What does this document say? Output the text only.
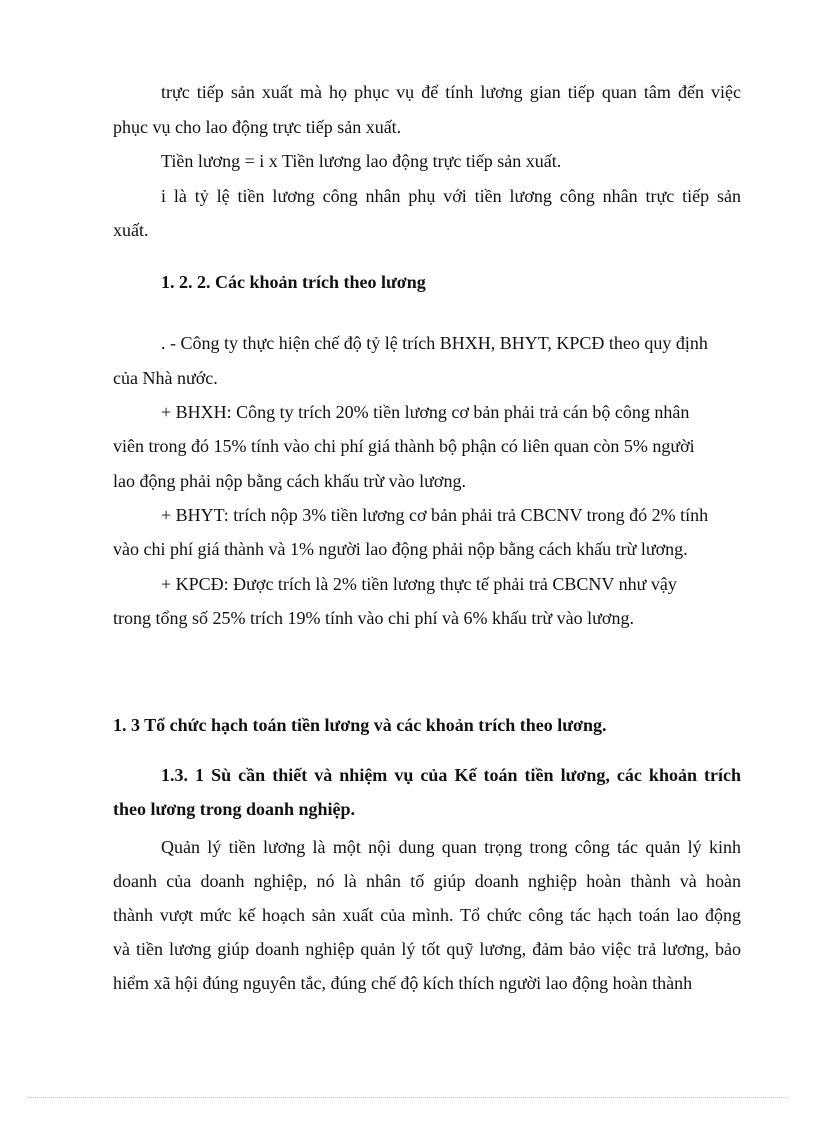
trực tiếp sản xuất mà họ phục vụ để tính lương gian tiếp quan tâm đến việc
phục vụ cho lao động trực tiếp sản xuất.
Tiền lương = i x Tiền lương lao động trực tiếp sản xuất.
i là tỷ lệ tiền lương công nhân phụ với tiền lương công nhân trực tiếp sản
xuất.
1. 2. 2. Các khoản trích theo lương
. - Công ty thực hiện chế độ tỷ lệ trích BHXH, BHYT, KPCĐ theo quy định
của Nhà nước.
+ BHXH: Công ty trích 20% tiền lương cơ bản phải trả cán bộ công nhân
viên trong đó 15% tính vào chi phí giá thành bộ phận có liên quan còn 5% người
lao động phải nộp bằng cách khấu trừ vào lương.
+ BHYT: trích nộp 3% tiền lương cơ bản phải trả CBCNV trong đó 2% tính
vào chi phí giá thành và 1% người lao động phải nộp bằng cách khấu trừ lương.
+ KPCĐ: Được trích là 2% tiền lương thực tế phải trả CBCNV như vậy
trong tổng số 25% trích 19% tính vào chi phí và 6% khấu trừ vào lương.
1. 3 Tổ chức hạch toán tiền lương và các khoản trích theo lương.
1.3. 1 Sù cần thiết và nhiệm vụ của Kế toán tiền lương, các khoản trích
theo lương trong doanh nghiệp.
Quản lý tiền lương là một nội dung quan trọng trong công tác quản lý kinh
doanh của doanh nghiệp, nó là nhân tố giúp doanh nghiệp hoàn thành và hoàn
thành vượt mức kế hoạch sản xuất của mình. Tổ chức công tác hạch toán lao động
và tiền lương giúp doanh nghiệp quản lý tốt quỹ lương, đảm bảo việc trả lương, bảo
hiểm xã hội đúng nguyên tắc, đúng chế độ kích thích người lao động hoàn thành
